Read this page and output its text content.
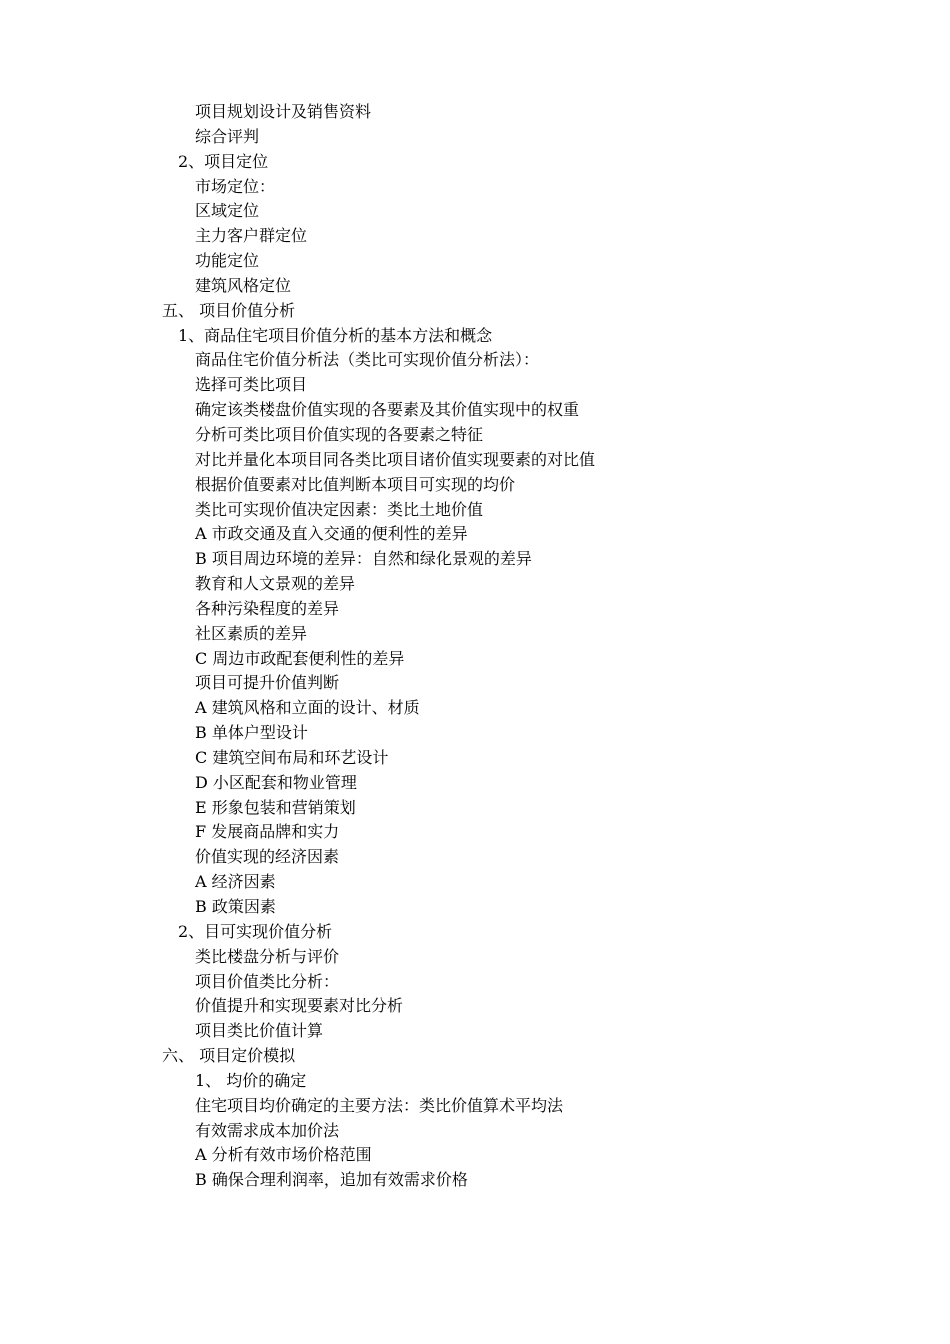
项目规划设计及销售资料
综合评判
2、项目定位
市场定位：
区域定位
主力客户群定位
功能定位
建筑风格定位
五、 项目价值分析
1、商品住宅项目价值分析的基本方法和概念
商品住宅价值分析法（类比可实现价值分析法）：
选择可类比项目
确定该类楼盘价值实现的各要素及其价值实现中的权重
分析可类比项目价值实现的各要素之特征
对比并量化本项目同各类比项目诸价值实现要素的对比值
根据价值要素对比值判断本项目可实现的均价
类比可实现价值决定因素：类比土地价值
A 市政交通及直入交通的便利性的差异
B 项目周边环境的差异：自然和绿化景观的差异
教育和人文景观的差异
各种污染程度的差异
社区素质的差异
C 周边市政配套便利性的差异
项目可提升价值判断
A 建筑风格和立面的设计、材质
B 单体户型设计
C 建筑空间布局和环艺设计
D 小区配套和物业管理
E 形象包装和营销策划
F 发展商品牌和实力
价值实现的经济因素
A 经济因素
B 政策因素
2、目可实现价值分析
类比楼盘分析与评价
项目价值类比分析：
价值提升和实现要素对比分析
项目类比价值计算
六、 项目定价模拟
1、 均价的确定
住宅项目均价确定的主要方法：类比价值算术平均法
有效需求成本加价法
A 分析有效市场价格范围
B 确保合理利润率，追加有效需求价格
